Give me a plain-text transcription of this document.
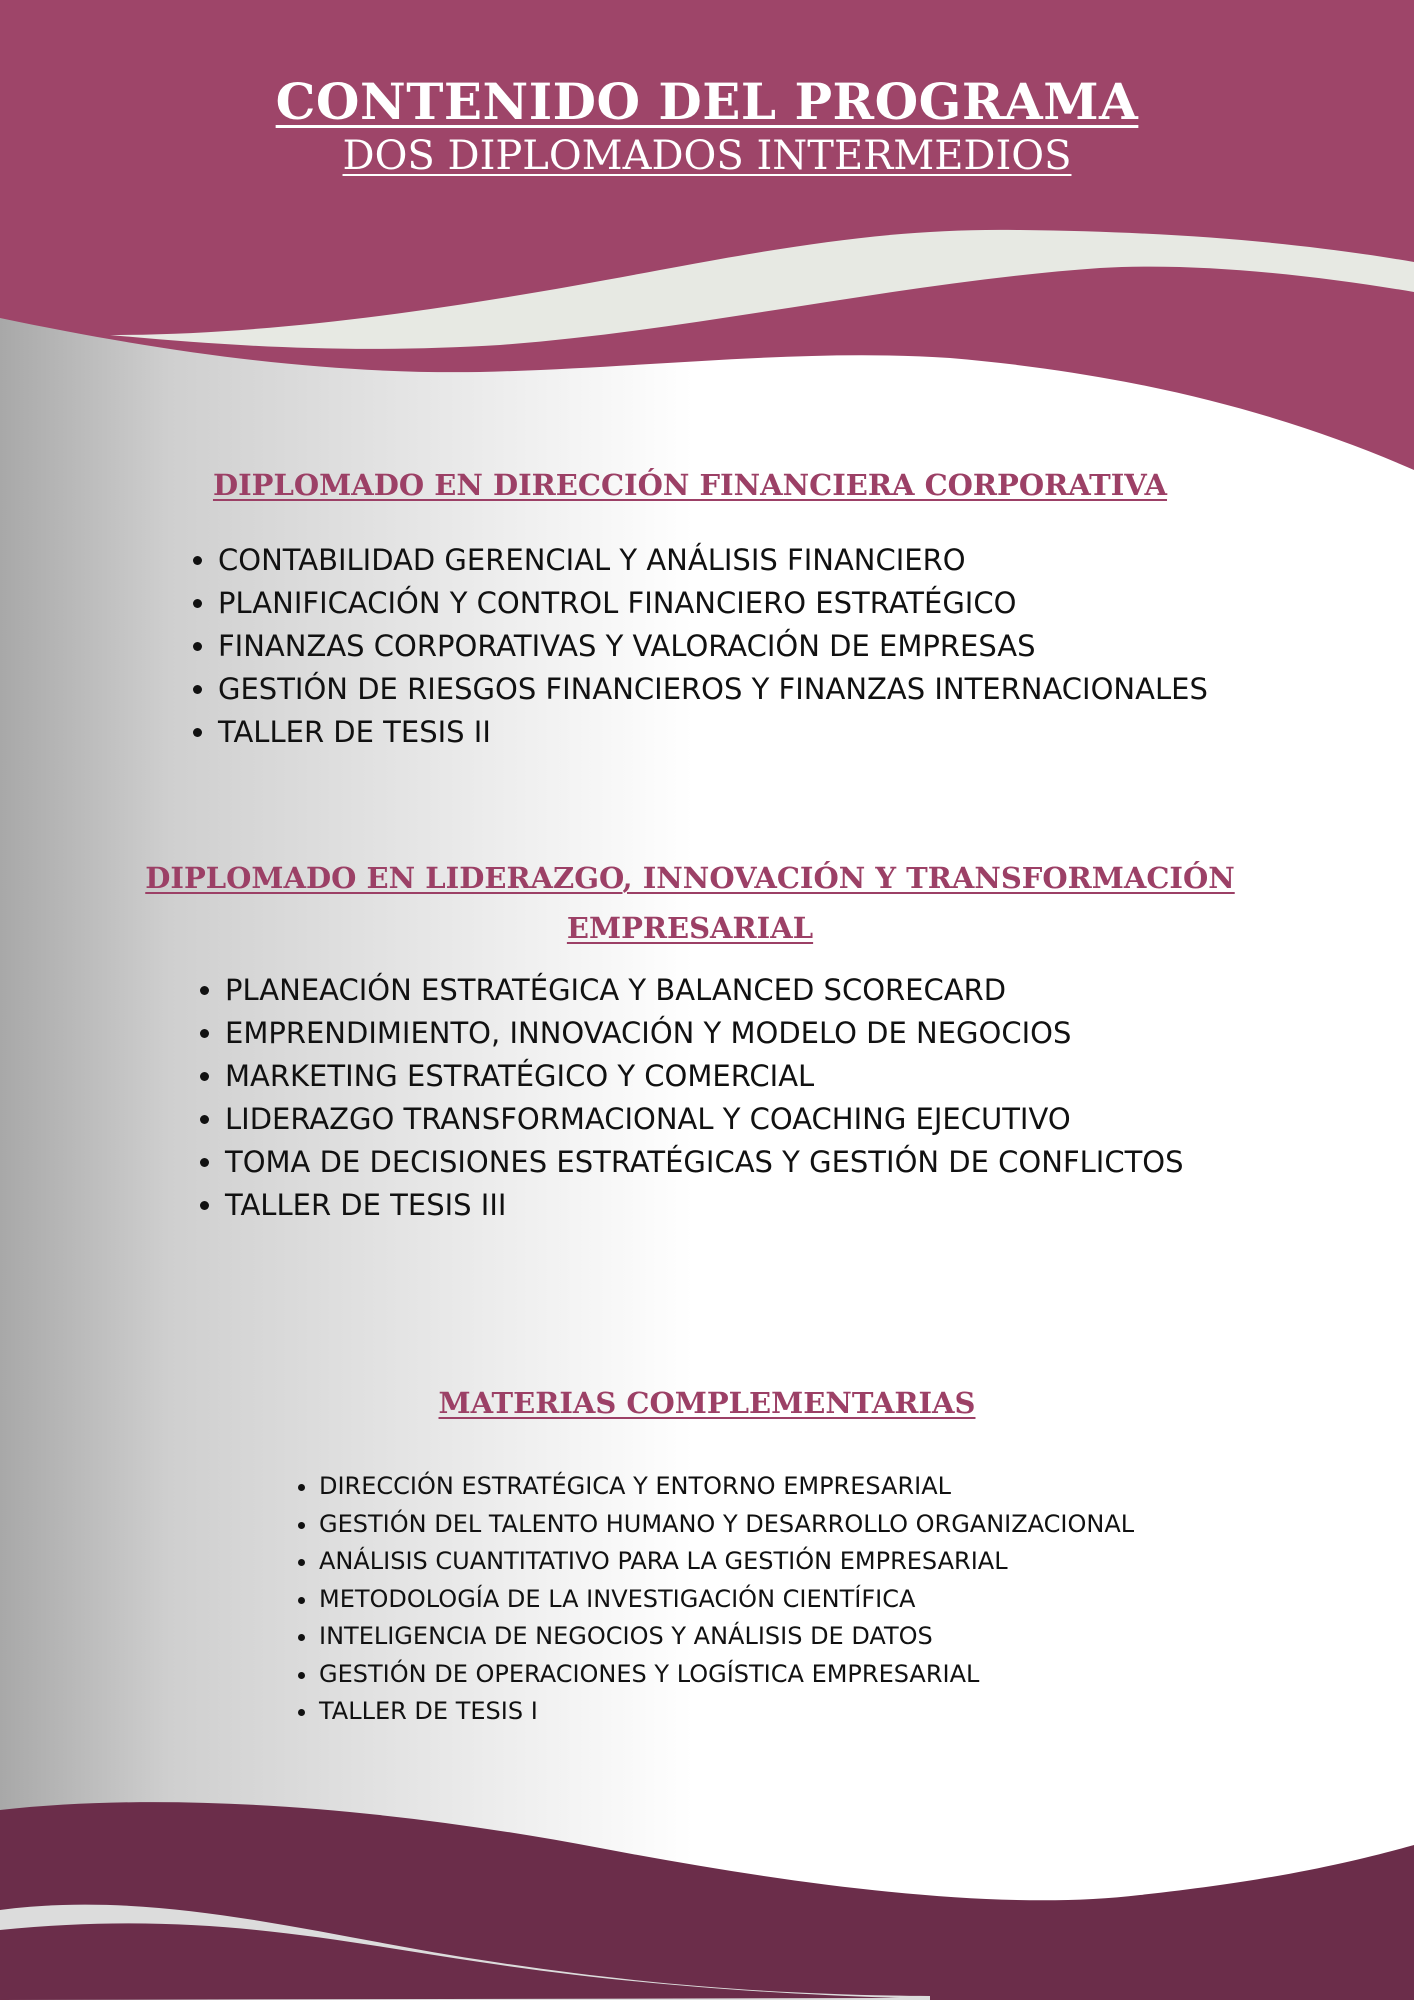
CONTENIDO DEL PROGRAMA
DOS DIPLOMADOS INTERMEDIOS
DIPLOMADO EN DIRECCIÓN FINANCIERA CORPORATIVA
• CONTABILIDAD GERENCIAL Y ANÁLISIS FINANCIERO
• PLANIFICACIÓN Y CONTROL FINANCIERO ESTRATÉGICO
• FINANZAS CORPORATIVAS Y VALORACIÓN DE EMPRESAS
• GESTIÓN DE RIESGOS FINANCIEROS Y FINANZAS INTERNACIONALES
• TALLER DE TESIS II
DIPLOMADO EN LIDERAZGO, INNOVACIÓN Y TRANSFORMACIÓN EMPRESARIAL
• PLANEACIÓN ESTRATÉGICA Y BALANCED SCORECARD
• EMPRENDIMIENTO, INNOVACIÓN Y MODELO DE NEGOCIOS
• MARKETING ESTRATÉGICO Y COMERCIAL
• LIDERAZGO TRANSFORMACIONAL Y COACHING EJECUTIVO
• TOMA DE DECISIONES ESTRATÉGICAS Y GESTIÓN DE CONFLICTOS
• TALLER DE TESIS III
MATERIAS COMPLEMENTARIAS
• DIRECCIÓN ESTRATÉGICA Y ENTORNO EMPRESARIAL
• GESTIÓN DEL TALENTO HUMANO Y DESARROLLO ORGANIZACIONAL
• ANÁLISIS CUANTITATIVO PARA LA GESTIÓN EMPRESARIAL
• METODOLOGÍA DE LA INVESTIGACIÓN CIENTÍFICA
• INTELIGENCIA DE NEGOCIOS Y ANÁLISIS DE DATOS
• GESTIÓN DE OPERACIONES Y LOGÍSTICA EMPRESARIAL
• TALLER DE TESIS I
